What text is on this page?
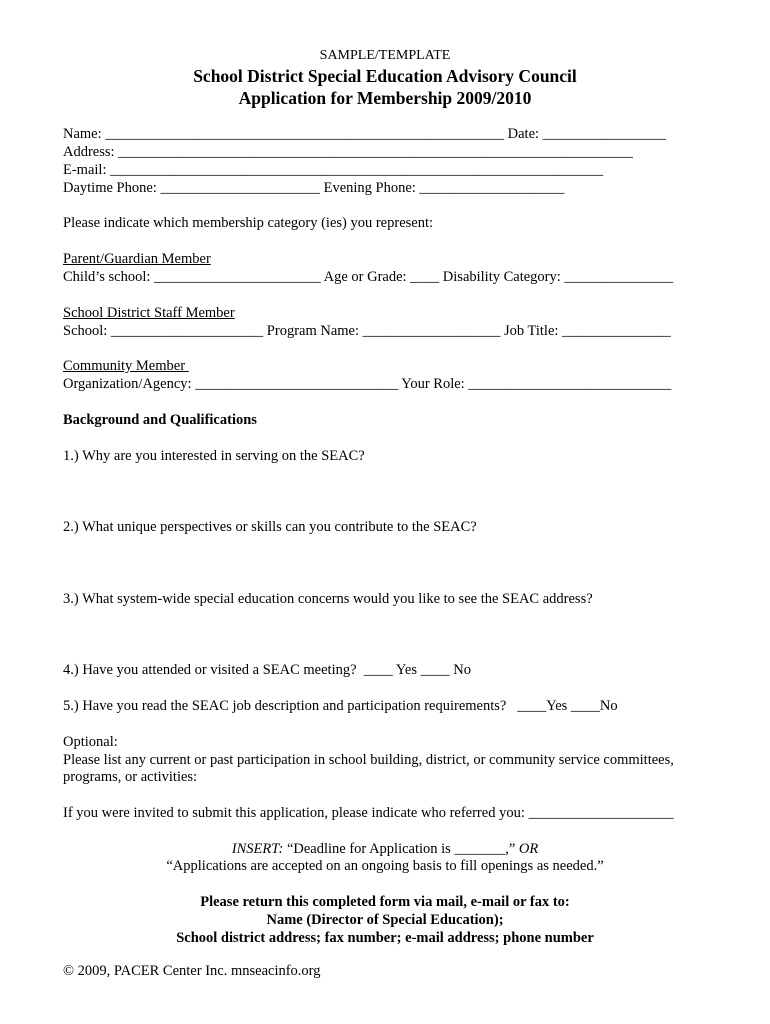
SAMPLE/TEMPLATE
School District Special Education Advisory Council
Application for Membership 2009/2010
Name: _______________________________________________________ Date: _________________
Address: _______________________________________________________________________
E-mail: ____________________________________________________________________
Daytime Phone: ______________________ Evening Phone: ____________________
Please indicate which membership category (ies) you represent:
Parent/Guardian Member
Child’s school: _______________________ Age or Grade: ____ Disability Category: _______________
School District Staff Member
School: _____________________ Program Name: ___________________ Job Title: _______________
Community Member
Organization/Agency: ____________________________ Your Role: ____________________________
Background and Qualifications
1.) Why are you interested in serving on the SEAC?
2.) What unique perspectives or skills can you contribute to the SEAC?
3.) What system-wide special education concerns would you like to see the SEAC address?
4.) Have you attended or visited a SEAC meeting?  ____ Yes ____ No
5.) Have you read the SEAC job description and participation requirements?   ____Yes ____No
Optional:
Please list any current or past participation in school building, district, or community service committees,
programs, or activities:
If you were invited to submit this application, please indicate who referred you: ____________________
INSERT: “Deadline for Application is _______,” OR
“Applications are accepted on an ongoing basis to fill openings as needed.”
Please return this completed form via mail, e-mail or fax to:
Name (Director of Special Education);
School district address; fax number; e-mail address; phone number
© 2009, PACER Center Inc. mnseacinfo.org
